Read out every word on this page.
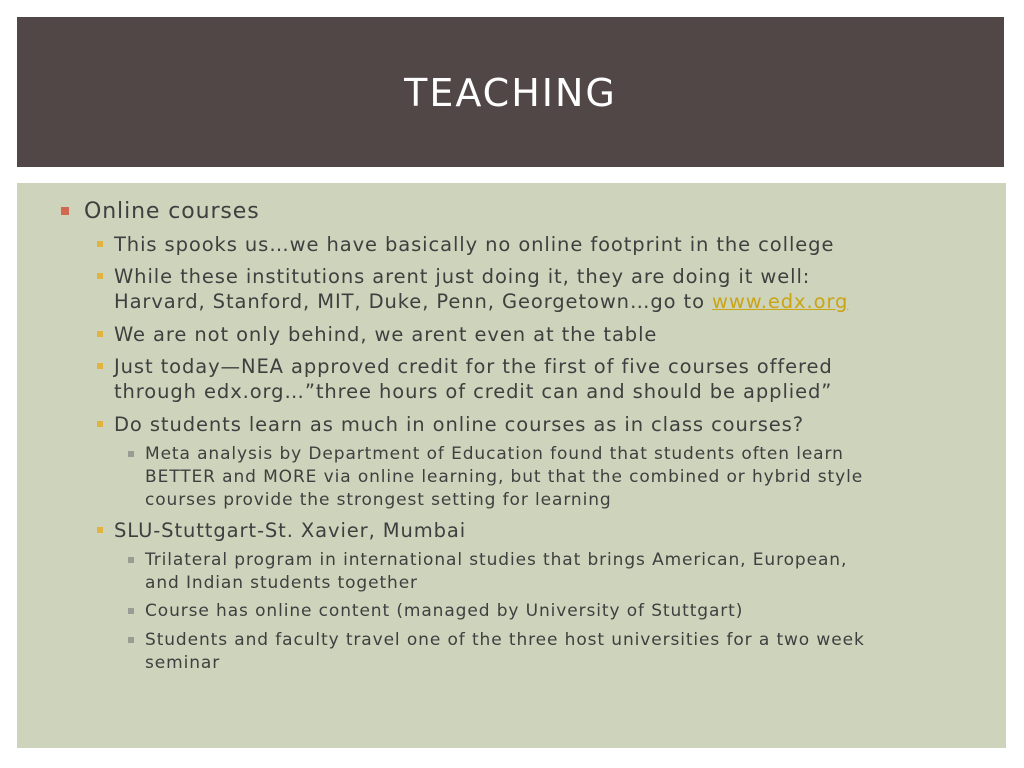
TEACHING
Online courses
This spooks us…we have basically no online footprint in the college
While these institutions arent just doing it, they are doing it well:
Harvard, Stanford, MIT, Duke, Penn, Georgetown…go to www.edx.org
We are not only behind, we arent even at the table
Just today—NEA approved credit for the first of five courses offered
through edx.org…”three hours of credit can and should be applied”
Do students learn as much in online courses as in class courses?
Meta analysis by Department of Education found that students often learn
BETTER and MORE via online learning, but that the combined or hybrid style
courses provide the strongest setting for learning
SLU-Stuttgart-St. Xavier, Mumbai
Trilateral program in international studies that brings American, European,
and Indian students together
Course has online content (managed by University of Stuttgart)
Students and faculty travel one of the three host universities for a two week
seminar
